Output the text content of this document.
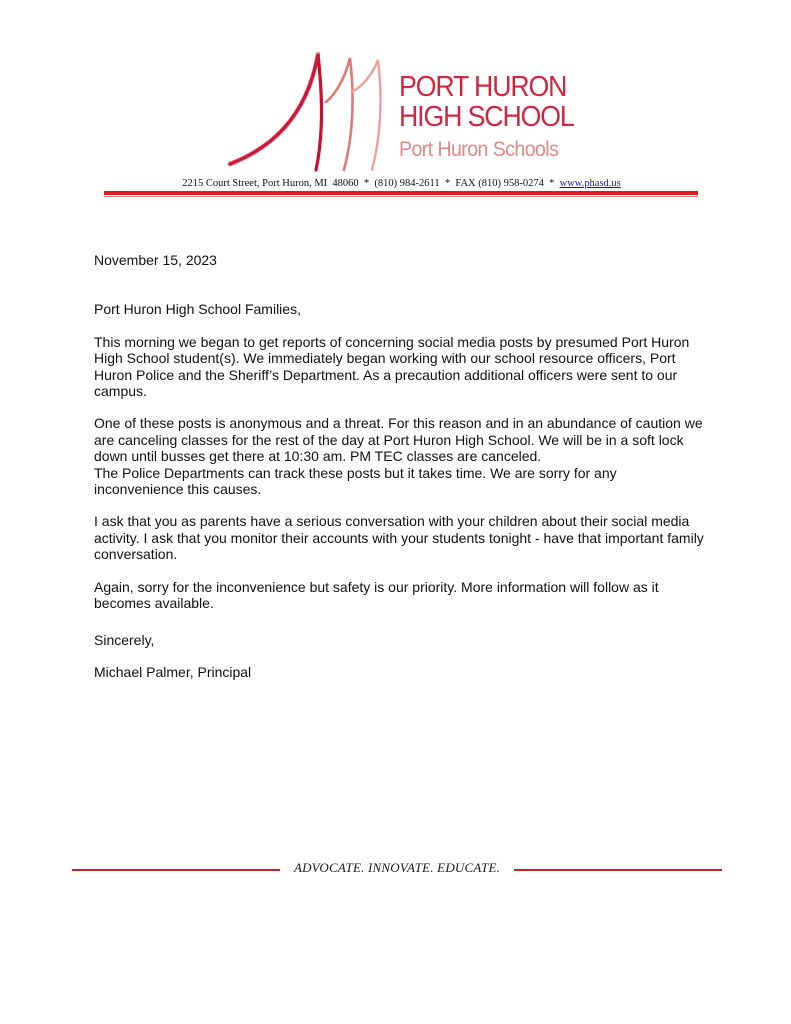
PORT HURON
HIGH SCHOOL
Port Huron Schools
2215 Court Street, Port Huron, MI  48060  *  (810) 984-2611  *  FAX (810) 958-0274  *  www.phasd.us

November 15, 2023

Port Huron High School Families,

This morning we began to get reports of concerning social media posts by presumed Port Huron High School student(s). We immediately began working with our school resource officers, Port Huron Police and the Sheriff’s Department. As a precaution additional officers were sent to our campus.

One of these posts is anonymous and a threat. For this reason and in an abundance of caution we are canceling classes for the rest of the day at Port Huron High School. We will be in a soft lock down until busses get there at 10:30 am. PM TEC classes are canceled.

The Police Departments can track these posts but it takes time. We are sorry for any inconvenience this causes.

I ask that you as parents have a serious conversation with your children about their social media activity. I ask that you monitor their accounts with your students tonight - have that important family conversation.

Again, sorry for the inconvenience but safety is our priority. More information will follow as it becomes available.

Sincerely,

Michael Palmer, Principal

ADVOCATE. INNOVATE. EDUCATE.
